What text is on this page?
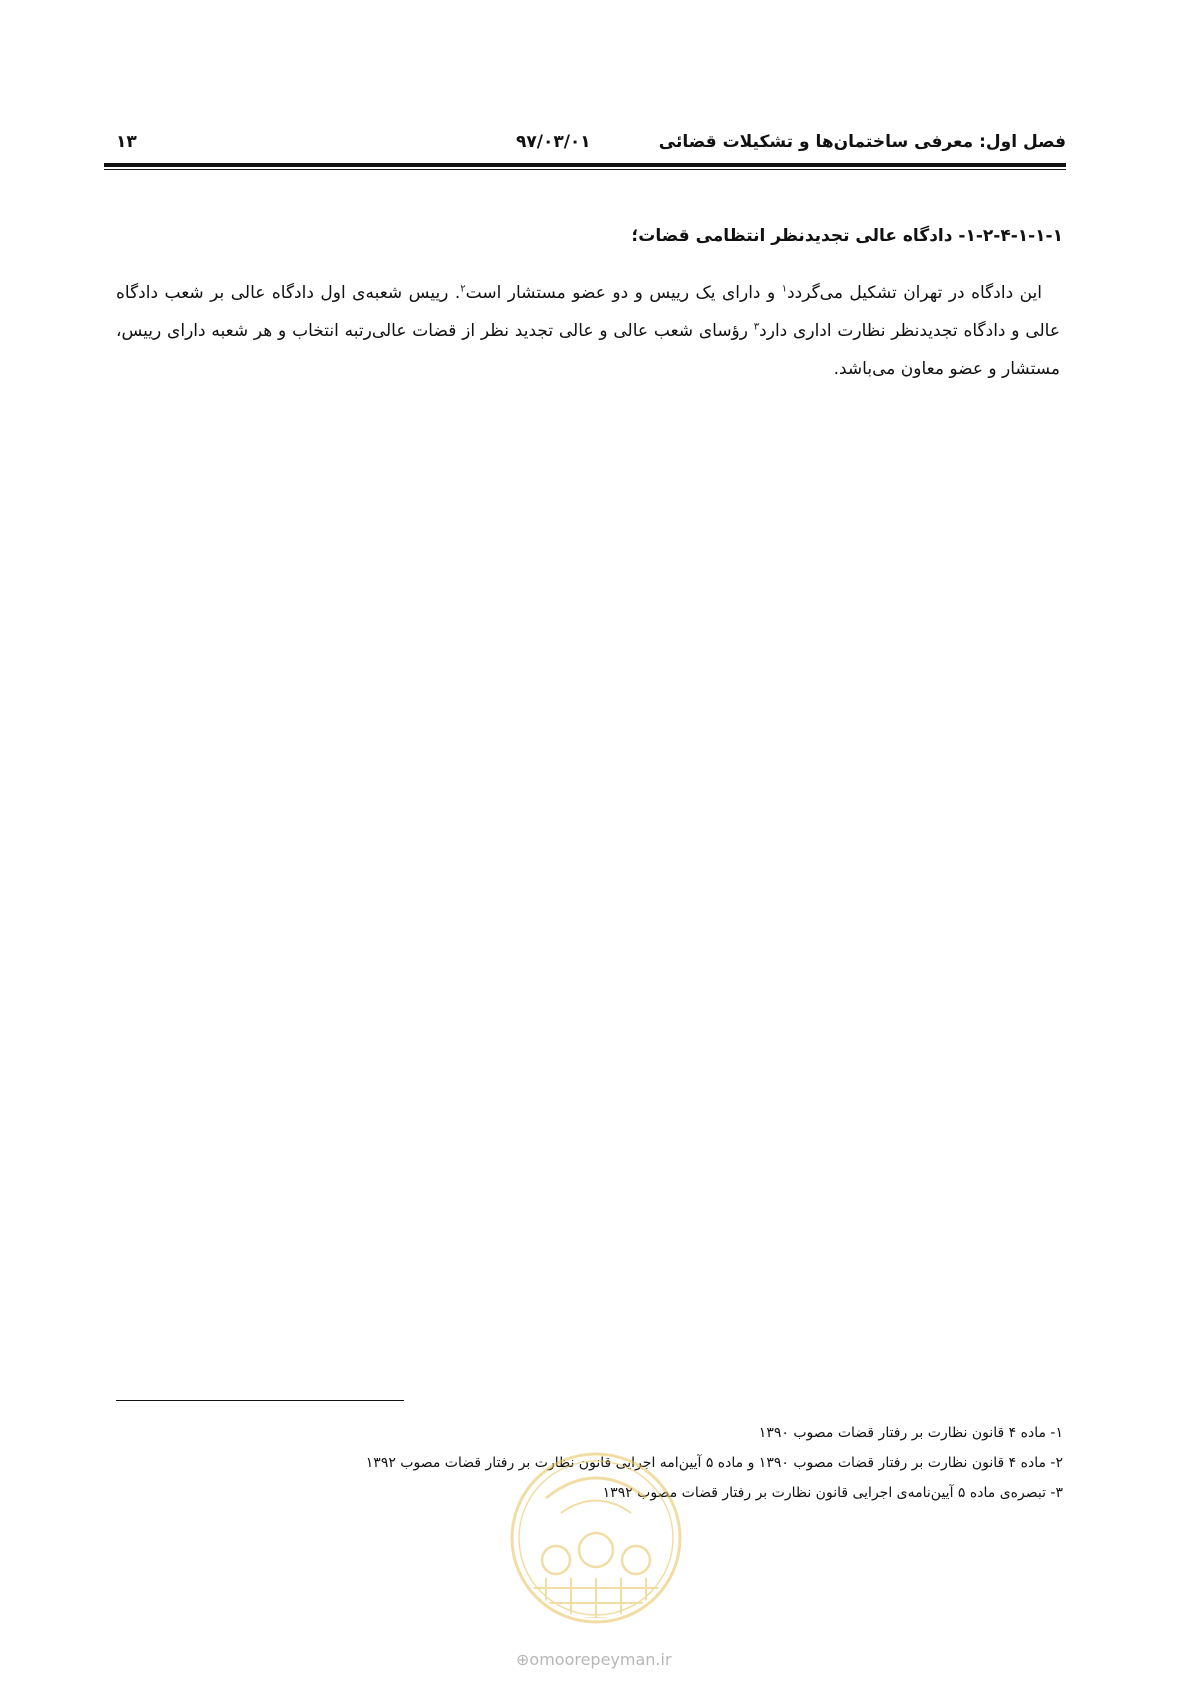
فصل اول: معرفی ساختمان‌ها و تشکیلات قضائی
۹۷/۰۳/۰۱
۱۳
۱-۲-۴-۱-۱-۱- دادگاه عالی تجدیدنظر انتظامی قضات؛
این دادگاه در تهران تشکیل می‌گردد$^۱$ و دارای یک رییس و دو عضو مستشار است$^۲$. رییس شعبه‌ی اول دادگاه عالی بر شعب دادگاه عالی و دادگاه تجدیدنظر نظارت اداری دارد$^۳$ رؤسای شعب عالی و عالی تجدید نظر از قضات عالی‌رتبه انتخاب و هر شعبه دارای رییس، مستشار و عضو معاون می‌باشد.
۱- ماده ۴ قانون نظارت بر رفتار قضات مصوب ۱۳۹۰
۲- ماده ۴ قانون نظارت بر رفتار قضات مصوب ۱۳۹۰ و ماده ۵ آیین‌امه اجرایی قانون نظارت بر رفتار قضات مصوب ۱۳۹۲
۳- تبصره‌ی ماده ۵ آیین‌نامه‌ی اجرایی قانون نظارت بر رفتار قضات مصوب ۱۳۹۲
⊕omoorepeyman.ir
